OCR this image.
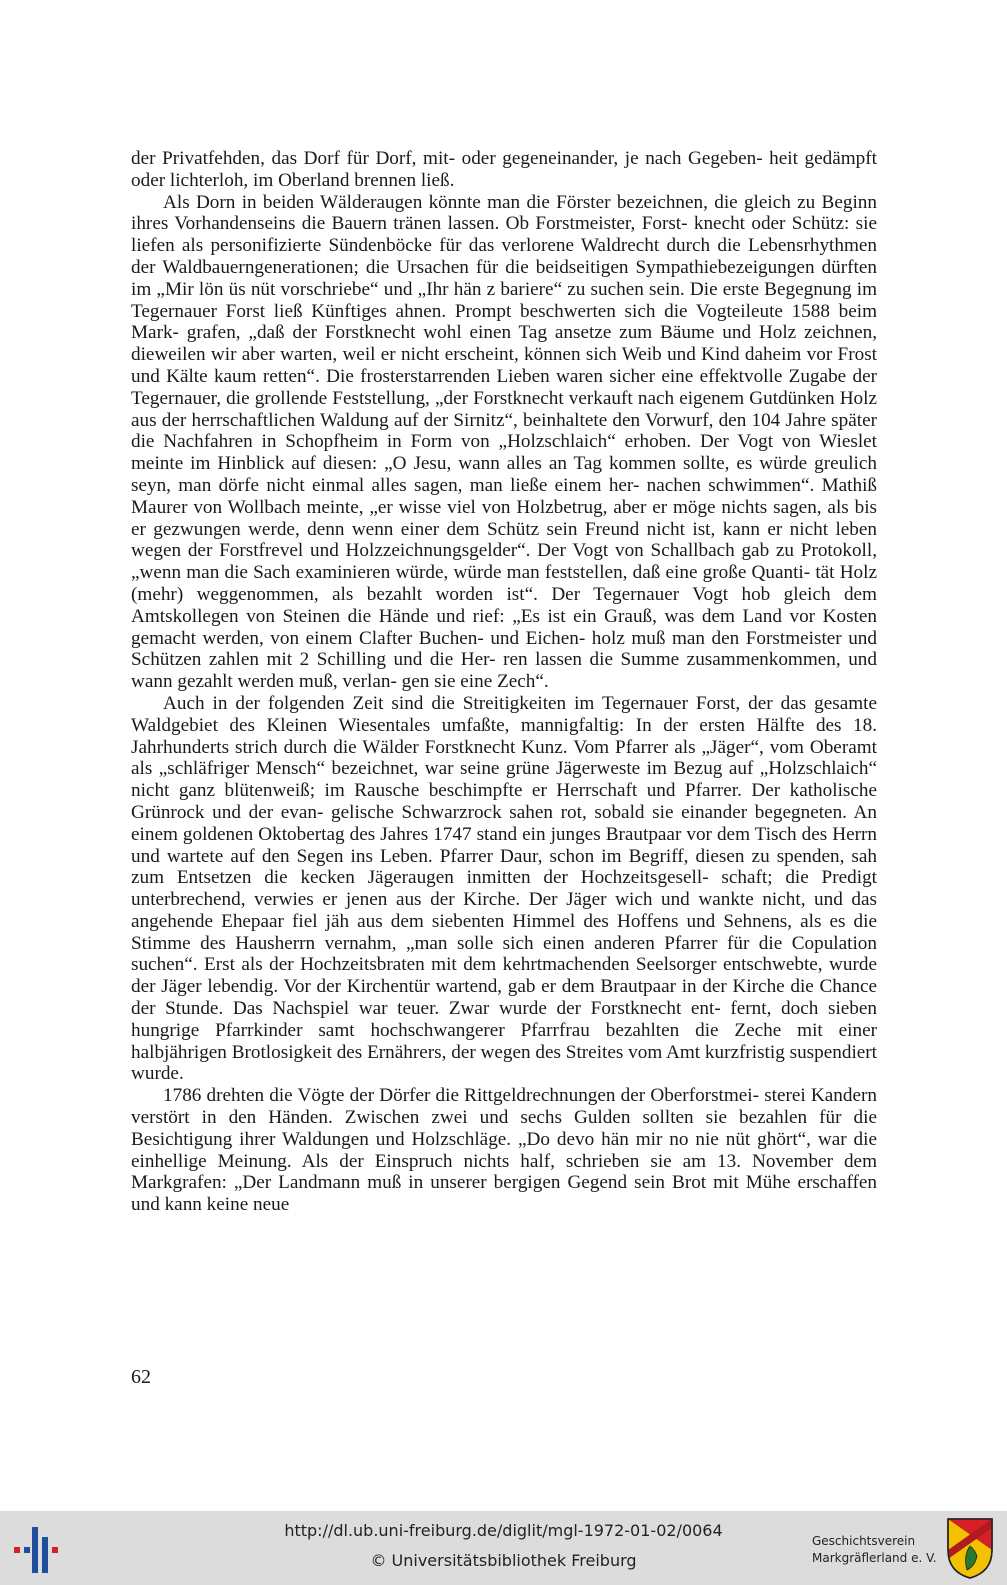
der Privatfehden, das Dorf für Dorf, mit- oder gegeneinander, je nach Gegeben- heit gedämpft oder lichterloh, im Oberland brennen ließ.

Als Dorn in beiden Wälderaugen könnte man die Förster bezeichnen, die gleich zu Beginn ihres Vorhandenseins die Bauern tränen lassen. Ob Forstmeister, Forst- knecht oder Schütz: sie liefen als personifizierte Sündenböcke für das verlorene Waldrecht durch die Lebensrhythmen der Waldbauerngenerationen; die Ursachen für die beidseitigen Sympathiebezeigungen dürften im „Mir lön üs nüt vorschriebe“ und „Ihr hän z bariere“ zu suchen sein. Die erste Begegnung im Tegernauer Forst ließ Künftiges ahnen. Prompt beschwerten sich die Vogteileute 1588 beim Mark- grafen, „daß der Forstknecht wohl einen Tag ansetze zum Bäume und Holz zeichnen, dieweilen wir aber warten, weil er nicht erscheint, können sich Weib und Kind daheim vor Frost und Kälte kaum retten“. Die frosterstarrenden Lieben waren sicher eine effektvolle Zugabe der Tegernauer, die grollende Feststellung, „der Forstknecht verkauft nach eigenem Gutdünken Holz aus der herrschaftlichen Waldung auf der Sirnitz“, beinhaltete den Vorwurf, den 104 Jahre später die Nachfahren in Schopfheim in Form von „Holzschlaich“ erhoben. Der Vogt von Wieslet meinte im Hinblick auf diesen: „O Jesu, wann alles an Tag kommen sollte, es würde greulich seyn, man dörfe nicht einmal alles sagen, man ließe einem her- nachen schwimmen“. Mathiß Maurer von Wollbach meinte, „er wisse viel von Holzbetrug, aber er möge nichts sagen, als bis er gezwungen werde, denn wenn einer dem Schütz sein Freund nicht ist, kann er nicht leben wegen der Forstfrevel und Holzzeichnungsgelder“. Der Vogt von Schallbach gab zu Protokoll, „wenn man die Sach examinieren würde, würde man feststellen, daß eine große Quanti- tät Holz (mehr) weggenommen, als bezahlt worden ist“. Der Tegernauer Vogt hob gleich dem Amtskollegen von Steinen die Hände und rief: „Es ist ein Grauß, was dem Land vor Kosten gemacht werden, von einem Clafter Buchen- und Eichen- holz muß man den Forstmeister und Schützen zahlen mit 2 Schilling und die Her- ren lassen die Summe zusammenkommen, und wann gezahlt werden muß, verlan- gen sie eine Zech“.

Auch in der folgenden Zeit sind die Streitigkeiten im Tegernauer Forst, der das gesamte Waldgebiet des Kleinen Wiesentales umfaßte, mannigfaltig: In der ersten Hälfte des 18. Jahrhunderts strich durch die Wälder Forstknecht Kunz. Vom Pfarrer als „Jäger“, vom Oberamt als „schläfriger Mensch“ bezeichnet, war seine grüne Jägerweste im Bezug auf „Holzschlaich“ nicht ganz blütenweiß; im Rausche beschimpfte er Herrschaft und Pfarrer. Der katholische Grünrock und der evan- gelische Schwarzrock sahen rot, sobald sie einander begegneten. An einem goldenen Oktobertag des Jahres 1747 stand ein junges Brautpaar vor dem Tisch des Herrn und wartete auf den Segen ins Leben. Pfarrer Daur, schon im Begriff, diesen zu spenden, sah zum Entsetzen die kecken Jägeraugen inmitten der Hochzeitsgesell- schaft; die Predigt unterbrechend, verwies er jenen aus der Kirche. Der Jäger wich und wankte nicht, und das angehende Ehepaar fiel jäh aus dem siebenten Himmel des Hoffens und Sehnens, als es die Stimme des Hausherrn vernahm, „man solle sich einen anderen Pfarrer für die Copulation suchen“. Erst als der Hochzeitsbraten mit dem kehrtmachenden Seelsorger entschwebte, wurde der Jäger lebendig. Vor der Kirchentür wartend, gab er dem Brautpaar in der Kirche die Chance der Stunde. Das Nachspiel war teuer. Zwar wurde der Forstknecht ent- fernt, doch sieben hungrige Pfarrkinder samt hochschwangerer Pfarrfrau bezahlten die Zeche mit einer halbjährigen Brotlosigkeit des Ernährers, der wegen des Streites vom Amt kurzfristig suspendiert wurde.

1786 drehten die Vögte der Dörfer die Rittgeldrechnungen der Oberforstmei- sterei Kandern verstört in den Händen. Zwischen zwei und sechs Gulden sollten sie bezahlen für die Besichtigung ihrer Waldungen und Holzschläge. „Do devo hän mir no nie nüt ghört“, war die einhellige Meinung. Als der Einspruch nichts half, schrieben sie am 13. November dem Markgrafen: „Der Landmann muß in unserer bergigen Gegend sein Brot mit Mühe erschaffen und kann keine neue

62
http://dl.ub.uni-freiburg.de/diglit/mgl-1972-01-02/0064
© Universitätsbibliothek Freiburg
Geschichtsverein
Markgräflerland e. V.
